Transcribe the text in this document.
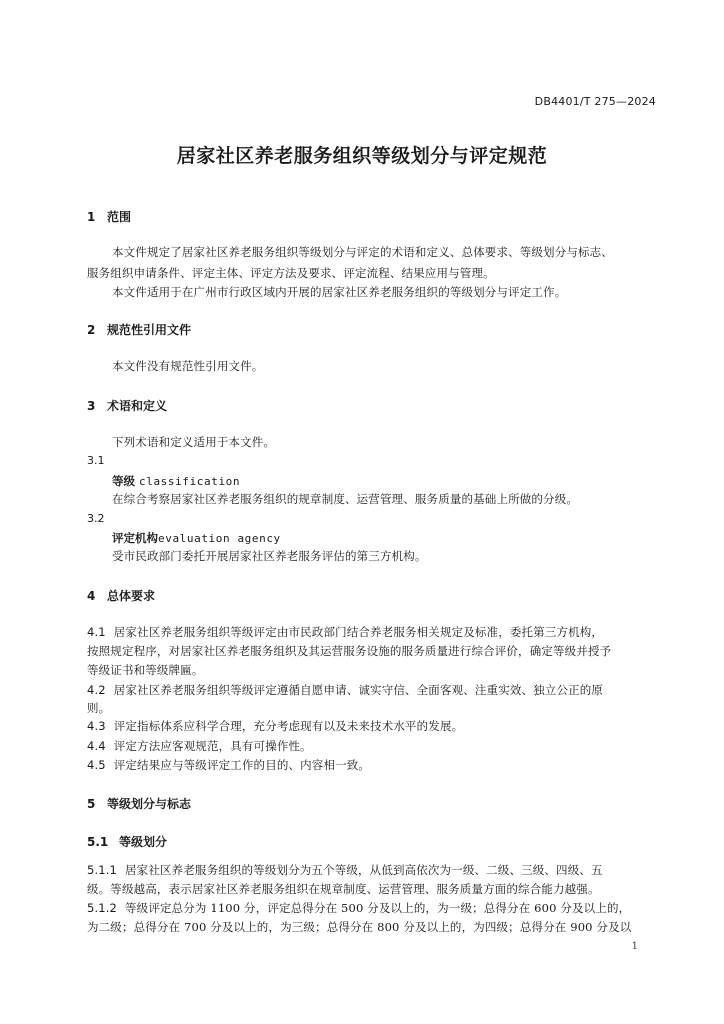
DB4401/T 275—2024
居家社区养老服务组织等级划分与评定规范
1 范围
本文件规定了居家社区养老服务组织等级划分与评定的术语和定义、总体要求、等级划分与标志、
服务组织申请条件、评定主体、评定方法及要求、评定流程、结果应用与管理。
本文件适用于在广州市行政区域内开展的居家社区养老服务组织的等级划分与评定工作。
2 规范性引用文件
本文件没有规范性引用文件。
3 术语和定义
下列术语和定义适用于本文件。
3.1
等级 classification
在综合考察居家社区养老服务组织的规章制度、运营管理、服务质量的基础上所做的分级。
3.2
评定机构evaluation agency
受市民政部门委托开展居家社区养老服务评估的第三方机构。
4 总体要求
4.1 居家社区养老服务组织等级评定由市民政部门结合养老服务相关规定及标准，委托第三方机构，
按照规定程序，对居家社区养老服务组织及其运营服务设施的服务质量进行综合评价，确定等级并授予
等级证书和等级牌匾。
4.2 居家社区养老服务组织等级评定遵循自愿申请、诚实守信、全面客观、注重实效、独立公正的原
则。
4.3 评定指标体系应科学合理，充分考虑现有以及未来技术水平的发展。
4.4 评定方法应客观规范，具有可操作性。
4.5 评定结果应与等级评定工作的目的、内容相一致。
5 等级划分与标志
5.1 等级划分
5.1.1 居家社区养老服务组织的等级划分为五个等级，从低到高依次为一级、二级、三级、四级、五
级。等级越高，表示居家社区养老服务组织在规章制度、运营管理、服务质量方面的综合能力越强。
5.1.2 等级评定总分为 1100 分，评定总得分在 500 分及以上的，为一级；总得分在 600 分及以上的，
为二级；总得分在 700 分及以上的，为三级；总得分在 800 分及以上的，为四级；总得分在 900 分及以
1
